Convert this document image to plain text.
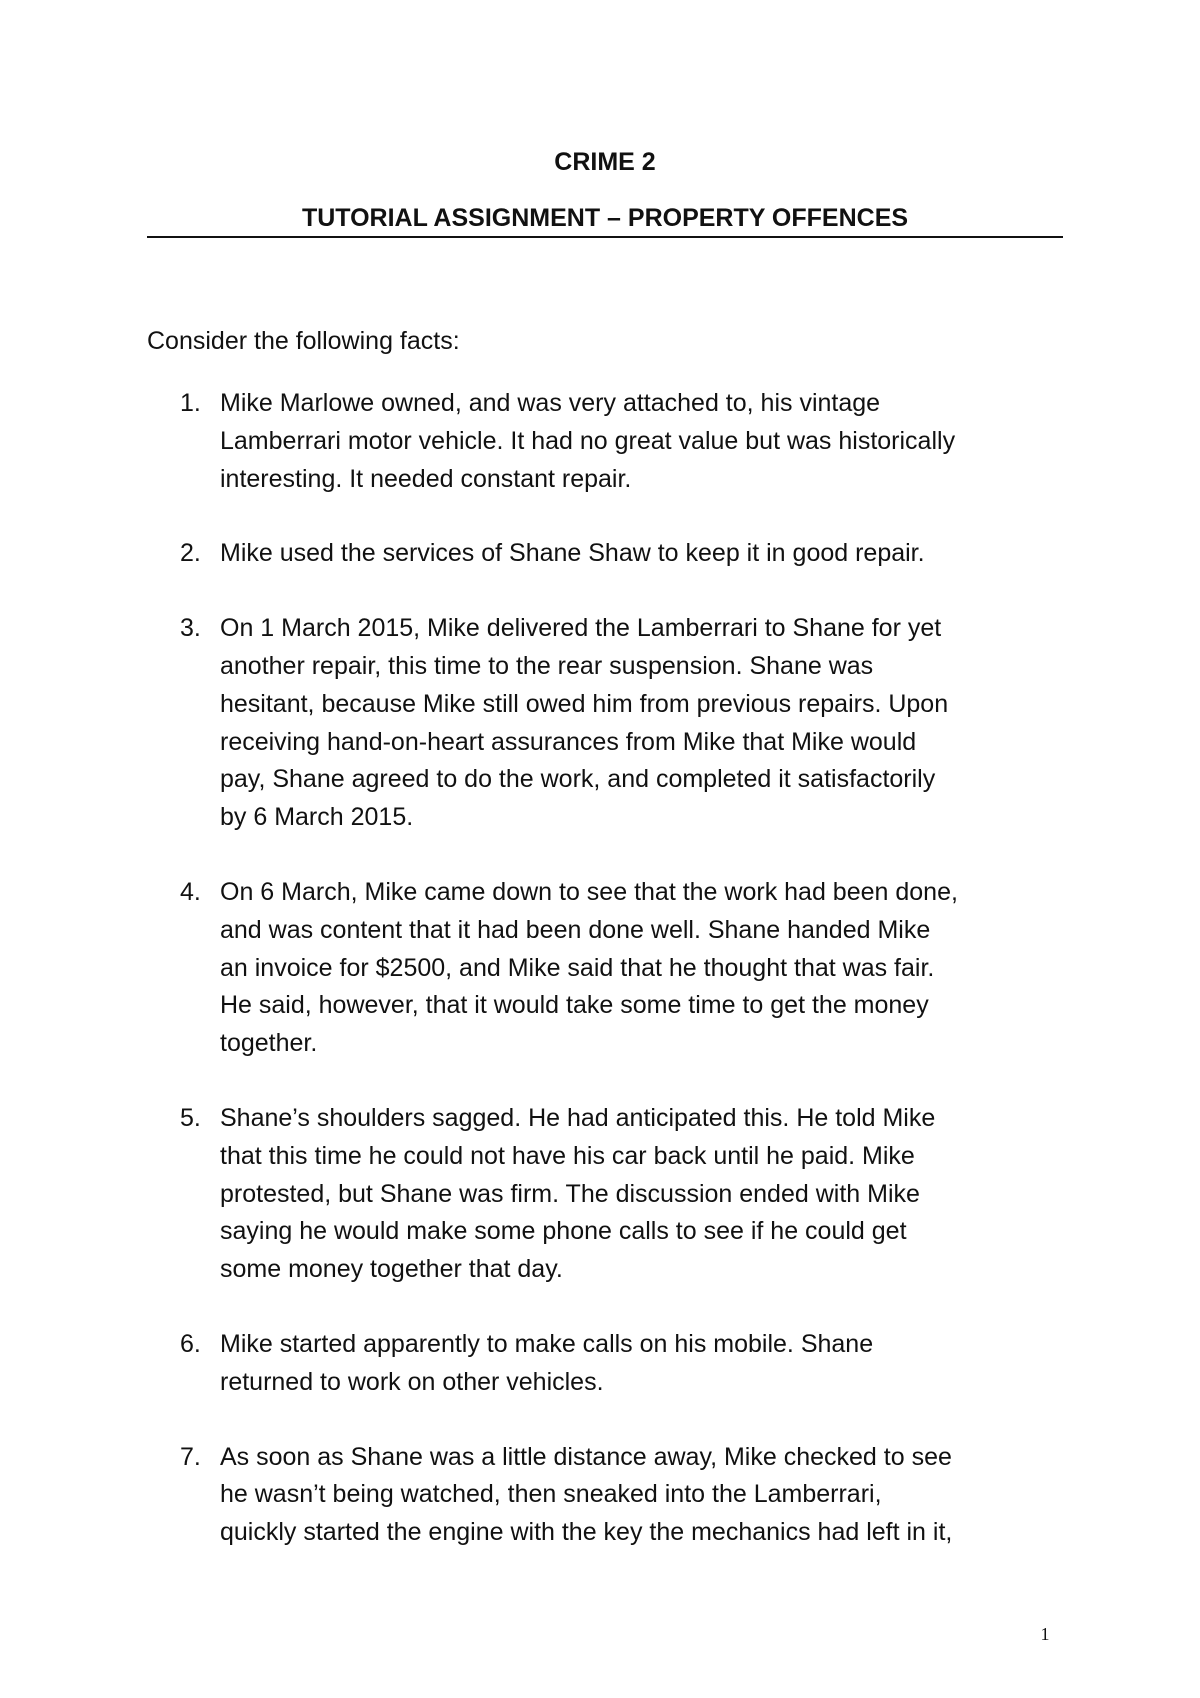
CRIME 2
TUTORIAL ASSIGNMENT – PROPERTY OFFENCES
Consider the following facts:
1. Mike Marlowe owned, and was very attached to, his vintage
Lamberrari motor vehicle. It had no great value but was historically
interesting. It needed constant repair.
2. Mike used the services of Shane Shaw to keep it in good repair.
3. On 1 March 2015, Mike delivered the Lamberrari to Shane for yet
another repair, this time to the rear suspension. Shane was
hesitant, because Mike still owed him from previous repairs. Upon
receiving hand-on-heart assurances from Mike that Mike would
pay, Shane agreed to do the work, and completed it satisfactorily
by 6 March 2015.
4. On 6 March, Mike came down to see that the work had been done,
and was content that it had been done well. Shane handed Mike
an invoice for $2500, and Mike said that he thought that was fair.
He said, however, that it would take some time to get the money
together.
5. Shane’s shoulders sagged. He had anticipated this. He told Mike
that this time he could not have his car back until he paid. Mike
protested, but Shane was firm. The discussion ended with Mike
saying he would make some phone calls to see if he could get
some money together that day.
6. Mike started apparently to make calls on his mobile. Shane
returned to work on other vehicles.
7. As soon as Shane was a little distance away, Mike checked to see
he wasn’t being watched, then sneaked into the Lamberrari,
quickly started the engine with the key the mechanics had left in it,
1
